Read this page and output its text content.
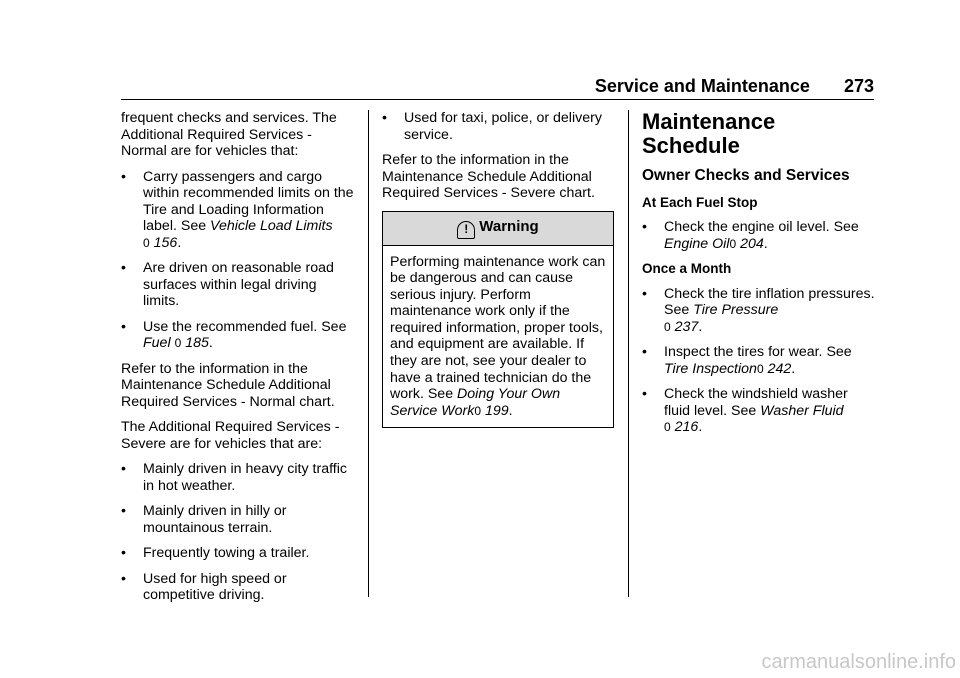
Service and Maintenance 273

frequent checks and services. The Additional Required Services - Normal are for vehicles that:

•	Carry passengers and cargo within recommended limits on the Tire and Loading Information label. See Vehicle Load Limits
0 156.
•	Are driven on reasonable road surfaces within legal driving limits.
•	Use the recommended fuel. See
Fuel 0 185.

Refer to the information in the Maintenance Schedule Additional Required Services - Normal chart.

The Additional Required Services - Severe are for vehicles that are:

•	Mainly driven in heavy city traffic in hot weather.
•	Mainly driven in hilly or mountainous terrain.
•	Frequently towing a trailer.
•	Used for high speed or competitive driving.
•	Used for taxi, police, or delivery service.

Refer to the information in the Maintenance Schedule Additional Required Services - Severe chart.

! Warning
Performing maintenance work can be dangerous and can cause serious injury. Perform maintenance work only if the required information, proper tools, and equipment are available. If they are not, see your dealer to have a trained technician do the work. See Doing Your Own Service Work0 199.
Maintenance Schedule
Owner Checks and Services
At Each Fuel Stop
•	Check the engine oil level. See
Engine Oil0 204.
Once a Month
•	Check the tire inflation pressures. See Tire Pressure
0 237.
•	Inspect the tires for wear. See
Tire Inspection0 242.
•	Check the windshield washer fluid level. See Washer Fluid
0 216.
carmanualsonline.info
